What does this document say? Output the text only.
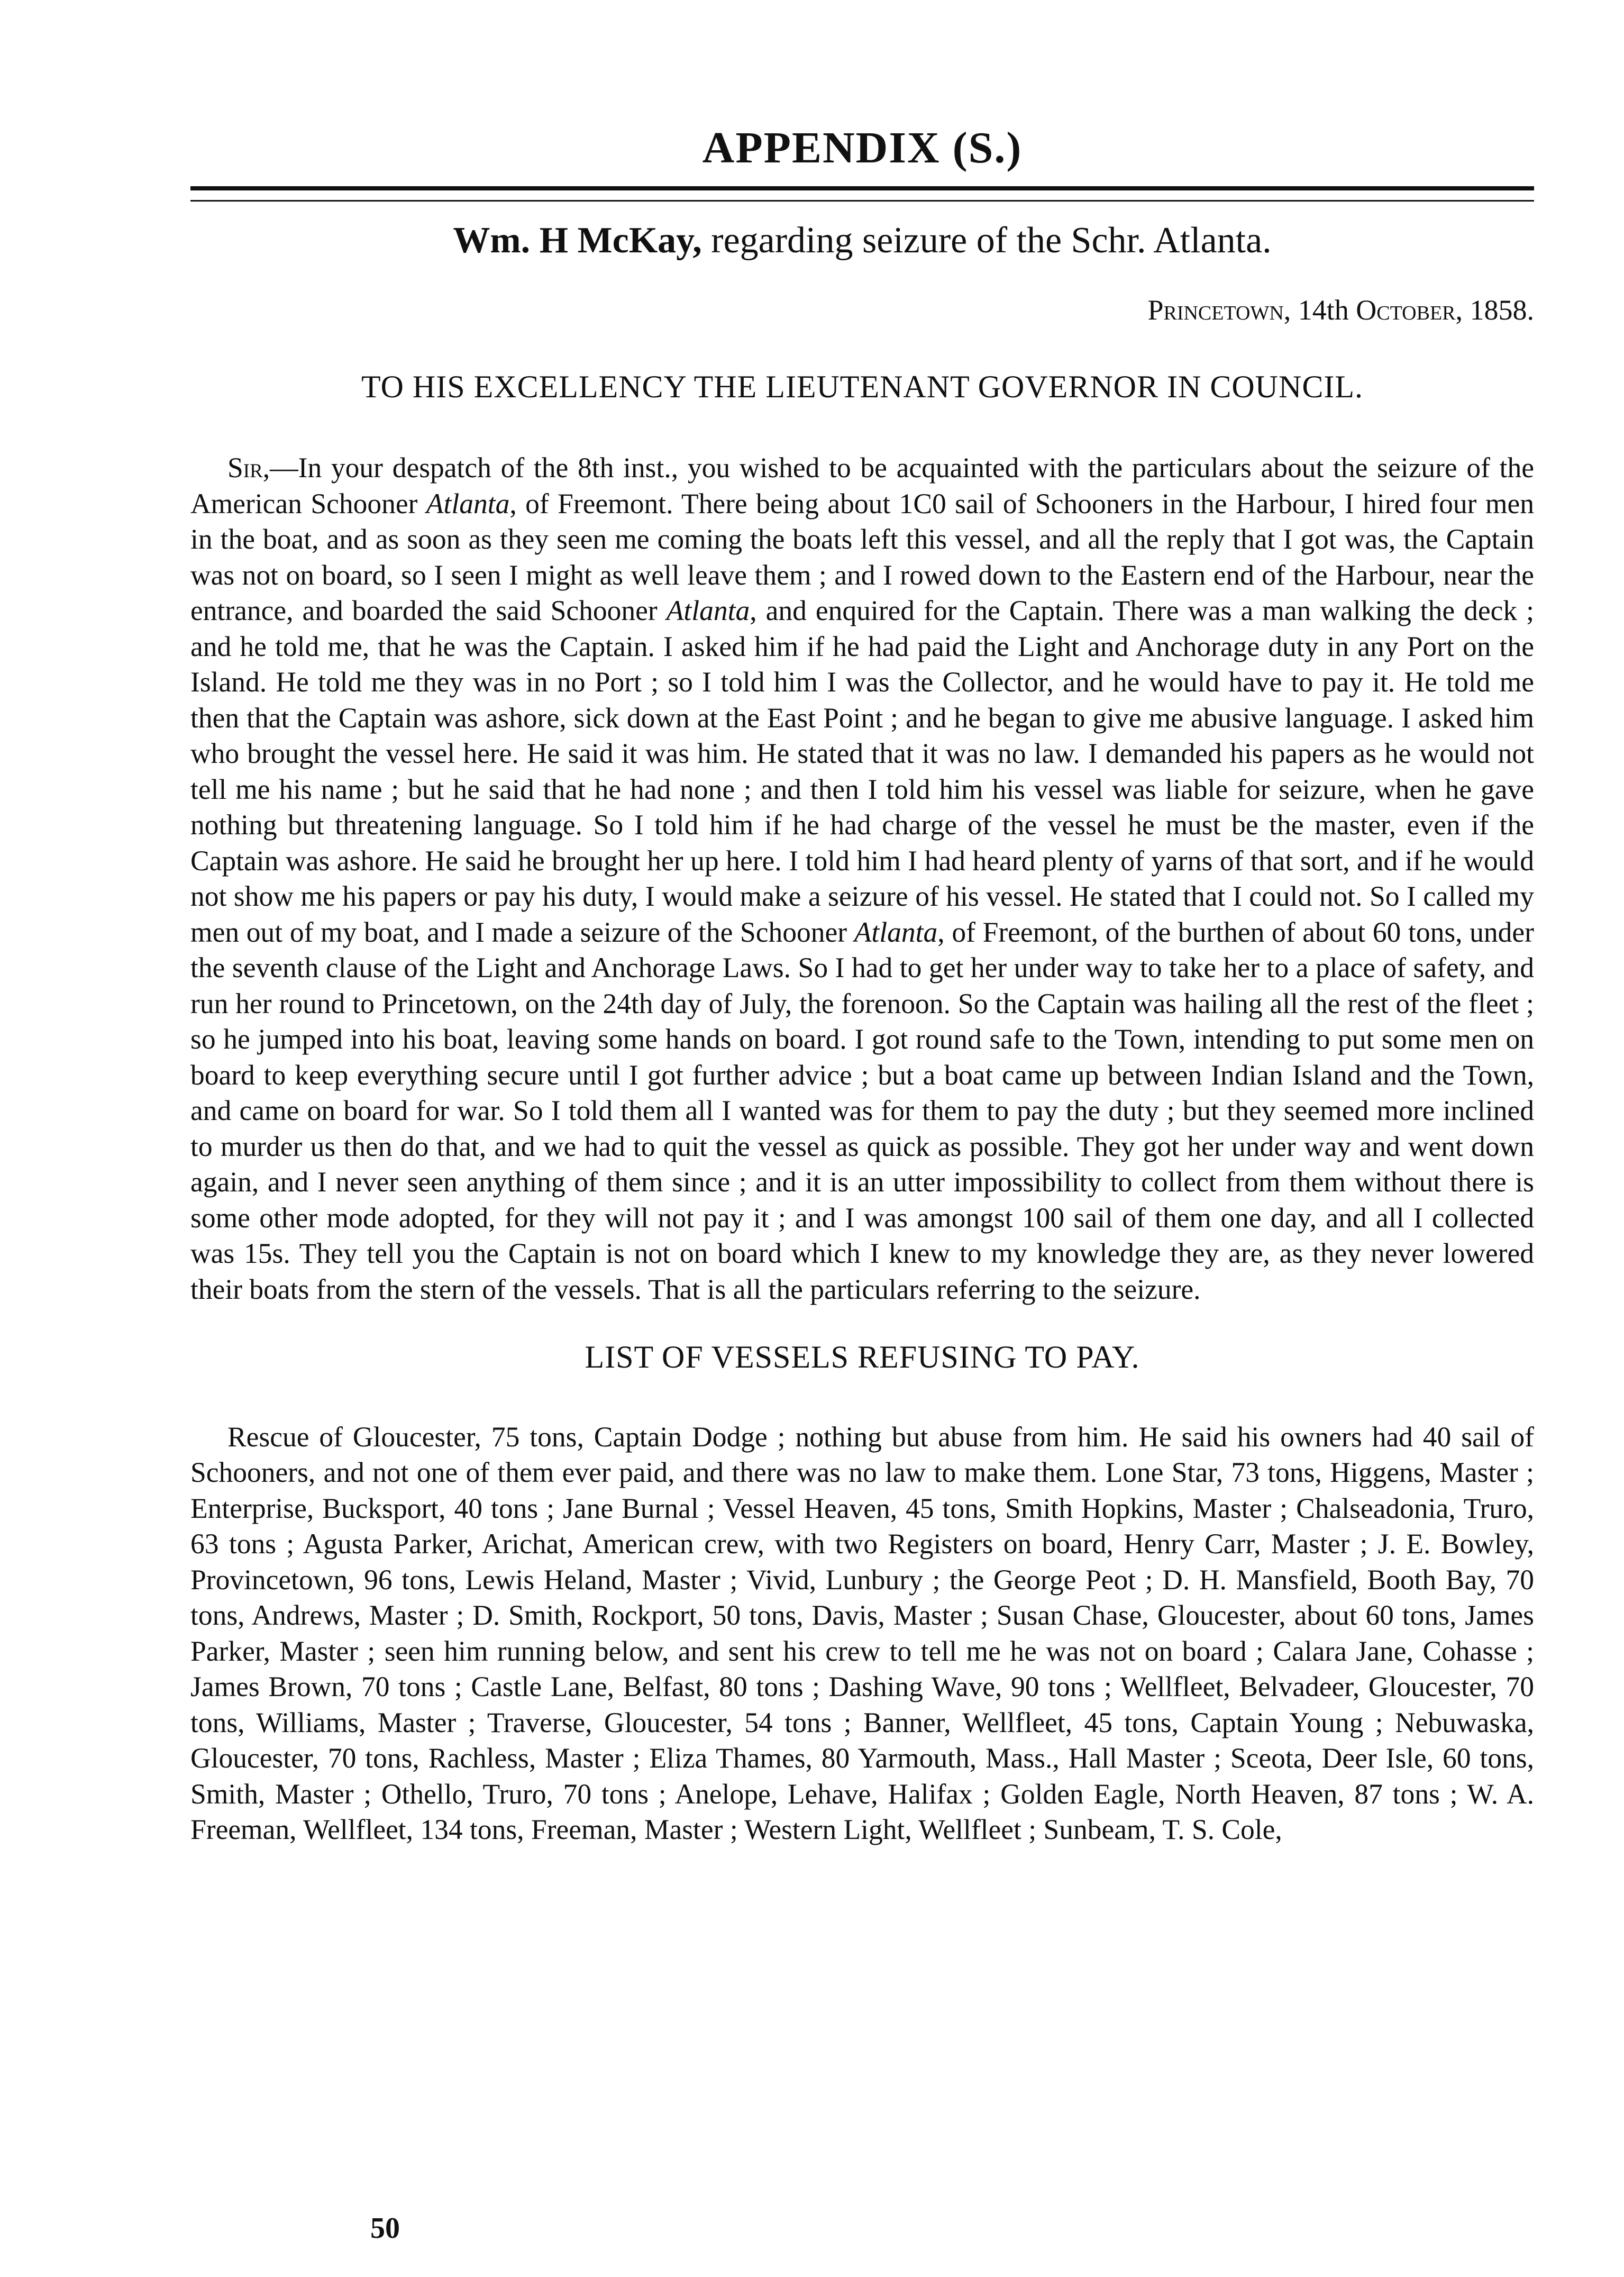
APPENDIX (S.)
Wm. H McKay, regarding seizure of the Schr. Atlanta.
Princetown, 14th October, 1858.
TO HIS EXCELLENCY THE LIEUTENANT GOVERNOR IN COUNCIL.

Sir,—In your despatch of the 8th inst., you wished to be acquainted with the particulars about the seizure of the American Schooner Atlanta, of Freemont. There being about 1C0 sail of Schooners in the Harbour, I hired four men in the boat, and as soon as they seen me coming the boats left this vessel, and all the reply that I got was, the Captain was not on board, so I seen I might as well leave them ; and I rowed down to the Eastern end of the Harbour, near the entrance, and boarded the said Schooner Atlanta, and enquired for the Captain. There was a man walking the deck ; and he told me, that he was the Captain. I asked him if he had paid the Light and Anchorage duty in any Port on the Island. He told me they was in no Port ; so I told him I was the Collector, and he would have to pay it. He told me then that the Captain was ashore, sick down at the East Point ; and he began to give me abusive language. I asked him who brought the vessel here. He said it was him. He stated that it was no law. I demanded his papers as he would not tell me his name ; but he said that he had none ; and then I told him his vessel was liable for seizure, when he gave nothing but threatening language. So I told him if he had charge of the vessel he must be the master, even if the Captain was ashore. He said he brought her up here. I told him I had heard plenty of yarns of that sort, and if he would not show me his papers or pay his duty, I would make a seizure of his vessel. He stated that I could not. So I called my men out of my boat, and I made a seizure of the Schooner Atlanta, of Freemont, of the burthen of about 60 tons, under the seventh clause of the Light and Anchorage Laws. So I had to get her under way to take her to a place of safety, and run her round to Princetown, on the 24th day of July, the forenoon. So the Captain was hailing all the rest of the fleet ; so he jumped into his boat, leaving some hands on board. I got round safe to the Town, intending to put some men on board to keep everything secure until I got further advice ; but a boat came up between Indian Island and the Town, and came on board for war. So I told them all I wanted was for them to pay the duty ; but they seemed more inclined to murder us then do that, and we had to quit the vessel as quick as possible. They got her under way and went down again, and I never seen anything of them since ; and it is an utter impossibility to collect from them without there is some other mode adopted, for they will not pay it ; and I was amongst 100 sail of them one day, and all I collected was 15s. They tell you the Captain is not on board which I knew to my knowledge they are, as they never lowered their boats from the stern of the vessels. That is all the particulars referring to the seizure.

LIST OF VESSELS REFUSING TO PAY.

Rescue of Gloucester, 75 tons, Captain Dodge ; nothing but abuse from him. He said his owners had 40 sail of Schooners, and not one of them ever paid, and there was no law to make them. Lone Star, 73 tons, Higgens, Master ; Enterprise, Bucksport, 40 tons ; Jane Burnal ; Vessel Heaven, 45 tons, Smith Hopkins, Master ; Chalseadonia, Truro, 63 tons ; Agusta Parker, Arichat, American crew, with two Registers on board, Henry Carr, Master ; J. E. Bowley, Provincetown, 96 tons, Lewis Heland, Master ; Vivid, Lunbury ; the George Peot ; D. H. Mansfield, Booth Bay, 70 tons, Andrews, Master ; D. Smith, Rockport, 50 tons, Davis, Master ; Susan Chase, Gloucester, about 60 tons, James Parker, Master ; seen him running below, and sent his crew to tell me he was not on board ; Calara Jane, Cohasse ; James Brown, 70 tons ; Castle Lane, Belfast, 80 tons ; Dashing Wave, 90 tons ; Wellfleet, Belvadeer, Gloucester, 70 tons, Williams, Master ; Traverse, Gloucester, 54 tons ; Banner, Wellfleet, 45 tons, Captain Young ; Nebuwaska, Gloucester, 70 tons, Rachless, Master ; Eliza Thames, 80 Yarmouth, Mass., Hall Master ; Sceota, Deer Isle, 60 tons, Smith, Master ; Othello, Truro, 70 tons ; Anelope, Lehave, Halifax ; Golden Eagle, North Heaven, 87 tons ; W. A. Freeman, Wellfleet, 134 tons, Freeman, Master ; Western Light, Wellfleet ; Sunbeam, T. S. Cole,

50
